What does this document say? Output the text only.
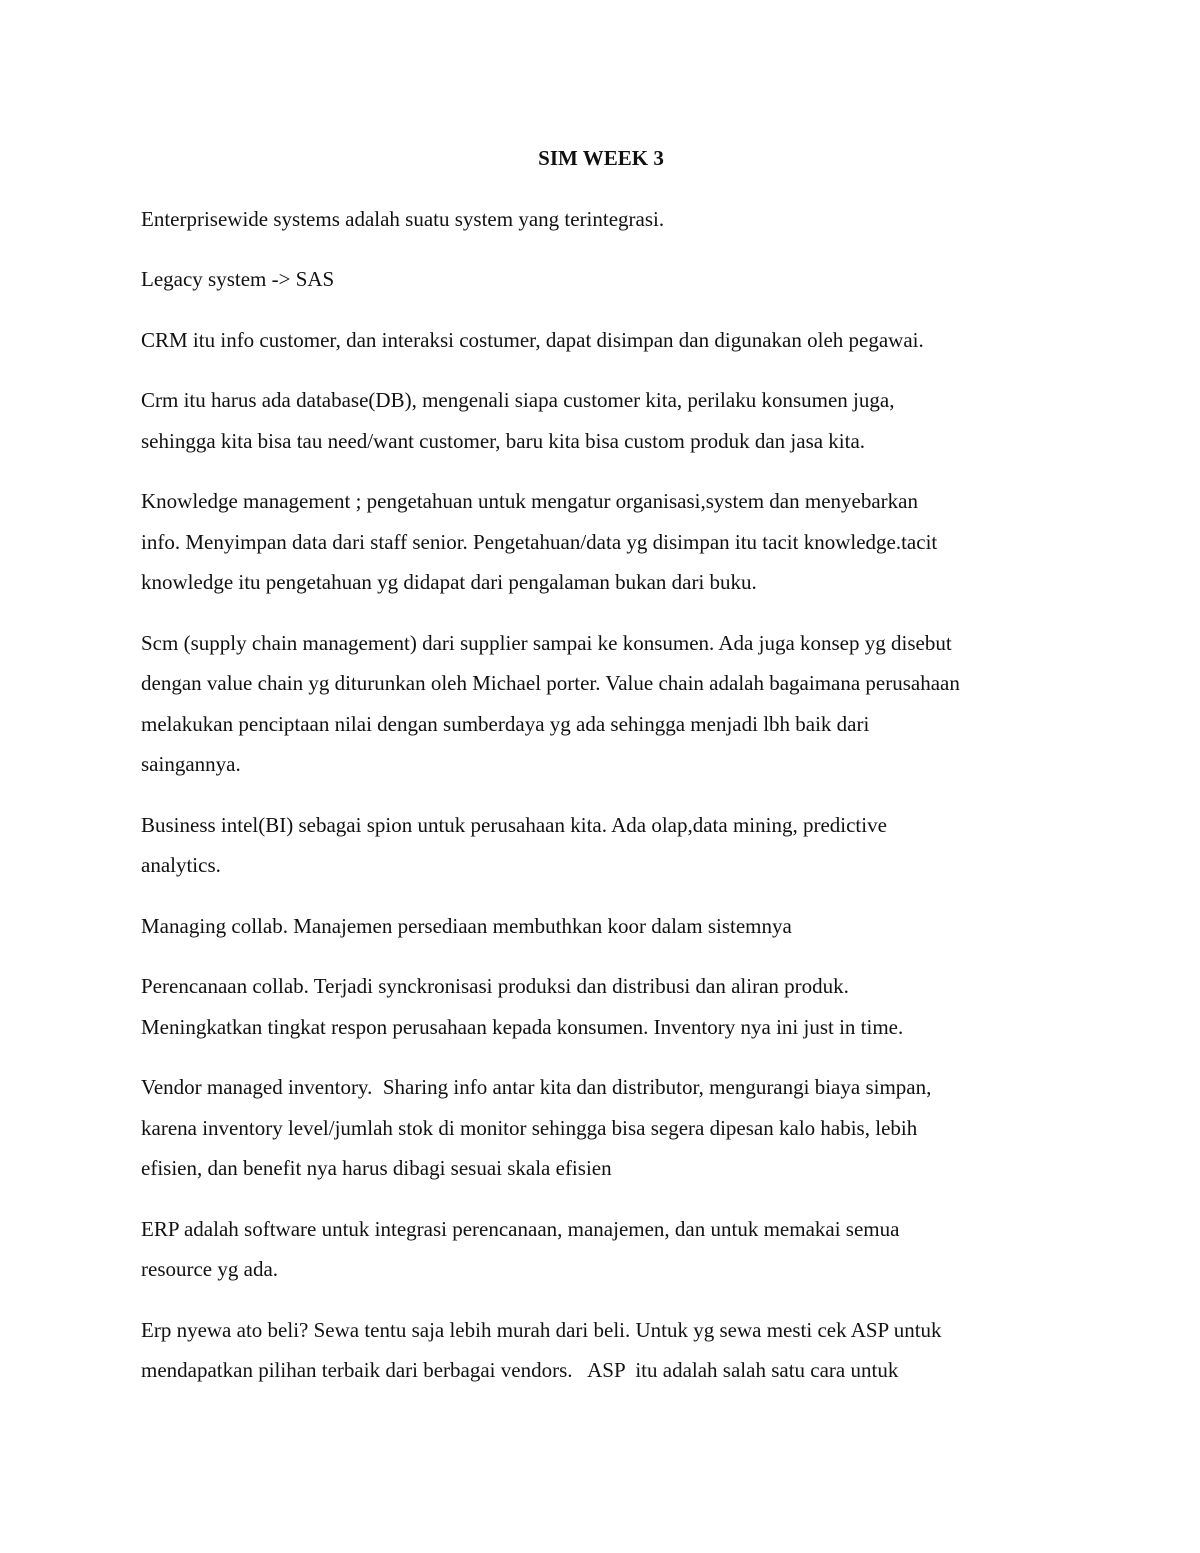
SIM WEEK 3
Enterprisewide systems adalah suatu system yang terintegrasi.
Legacy system -> SAS
CRM itu info customer, dan interaksi costumer, dapat disimpan dan digunakan oleh pegawai.
Crm itu harus ada database(DB), mengenali siapa customer kita, perilaku konsumen juga,
sehingga kita bisa tau need/want customer, baru kita bisa custom produk dan jasa kita.
Knowledge management ; pengetahuan untuk mengatur organisasi,system dan menyebarkan
info. Menyimpan data dari staff senior. Pengetahuan/data yg disimpan itu tacit knowledge.tacit
knowledge itu pengetahuan yg didapat dari pengalaman bukan dari buku.
Scm (supply chain management) dari supplier sampai ke konsumen. Ada juga konsep yg disebut
dengan value chain yg diturunkan oleh Michael porter. Value chain adalah bagaimana perusahaan
melakukan penciptaan nilai dengan sumberdaya yg ada sehingga menjadi lbh baik dari
saingannya.
Business intel(BI) sebagai spion untuk perusahaan kita. Ada olap,data mining, predictive
analytics.
Managing collab. Manajemen persediaan membuthkan koor dalam sistemnya
Perencanaan collab. Terjadi synckronisasi produksi dan distribusi dan aliran produk.
Meningkatkan tingkat respon perusahaan kepada konsumen. Inventory nya ini just in time.
Vendor managed inventory.  Sharing info antar kita dan distributor, mengurangi biaya simpan,
karena inventory level/jumlah stok di monitor sehingga bisa segera dipesan kalo habis, lebih
efisien, dan benefit nya harus dibagi sesuai skala efisien
ERP adalah software untuk integrasi perencanaan, manajemen, dan untuk memakai semua
resource yg ada.
Erp nyewa ato beli? Sewa tentu saja lebih murah dari beli. Untuk yg sewa mesti cek ASP untuk
mendapatkan pilihan terbaik dari berbagai vendors.   ASP  itu adalah salah satu cara untuk
